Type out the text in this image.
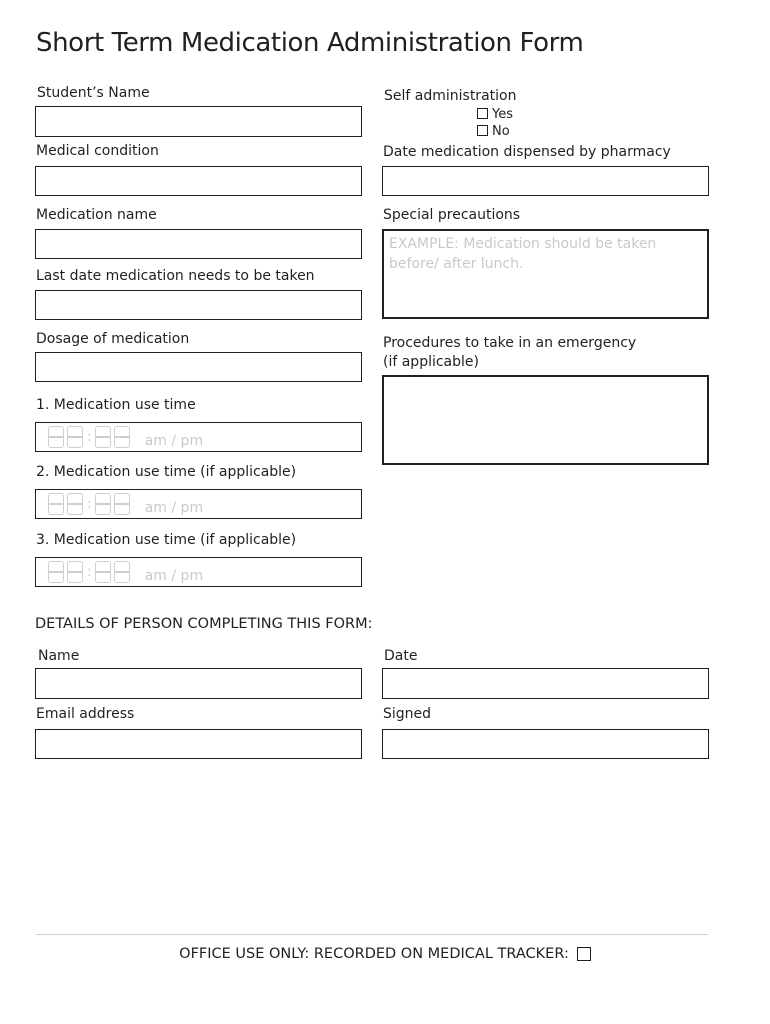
Short Term Medication Administration Form
Student’s Name
Medical condition
Medication name
Last date medication needs to be taken
Dosage of medication
1. Medication use time
:	am / pm
2. Medication use time (if applicable)
:	am / pm
3. Medication use time (if applicable)
:	am / pm
Self administration
Yes
No
Date medication dispensed by pharmacy
Special precautions
EXAMPLE: Medication should be taken before/ after lunch.
Procedures to take in an emergency
(if applicable)
DETAILS OF PERSON COMPLETING THIS FORM:
Name	Date
Email address	Signed
OFFICE USE ONLY: RECORDED ON MEDICAL TRACKER:
